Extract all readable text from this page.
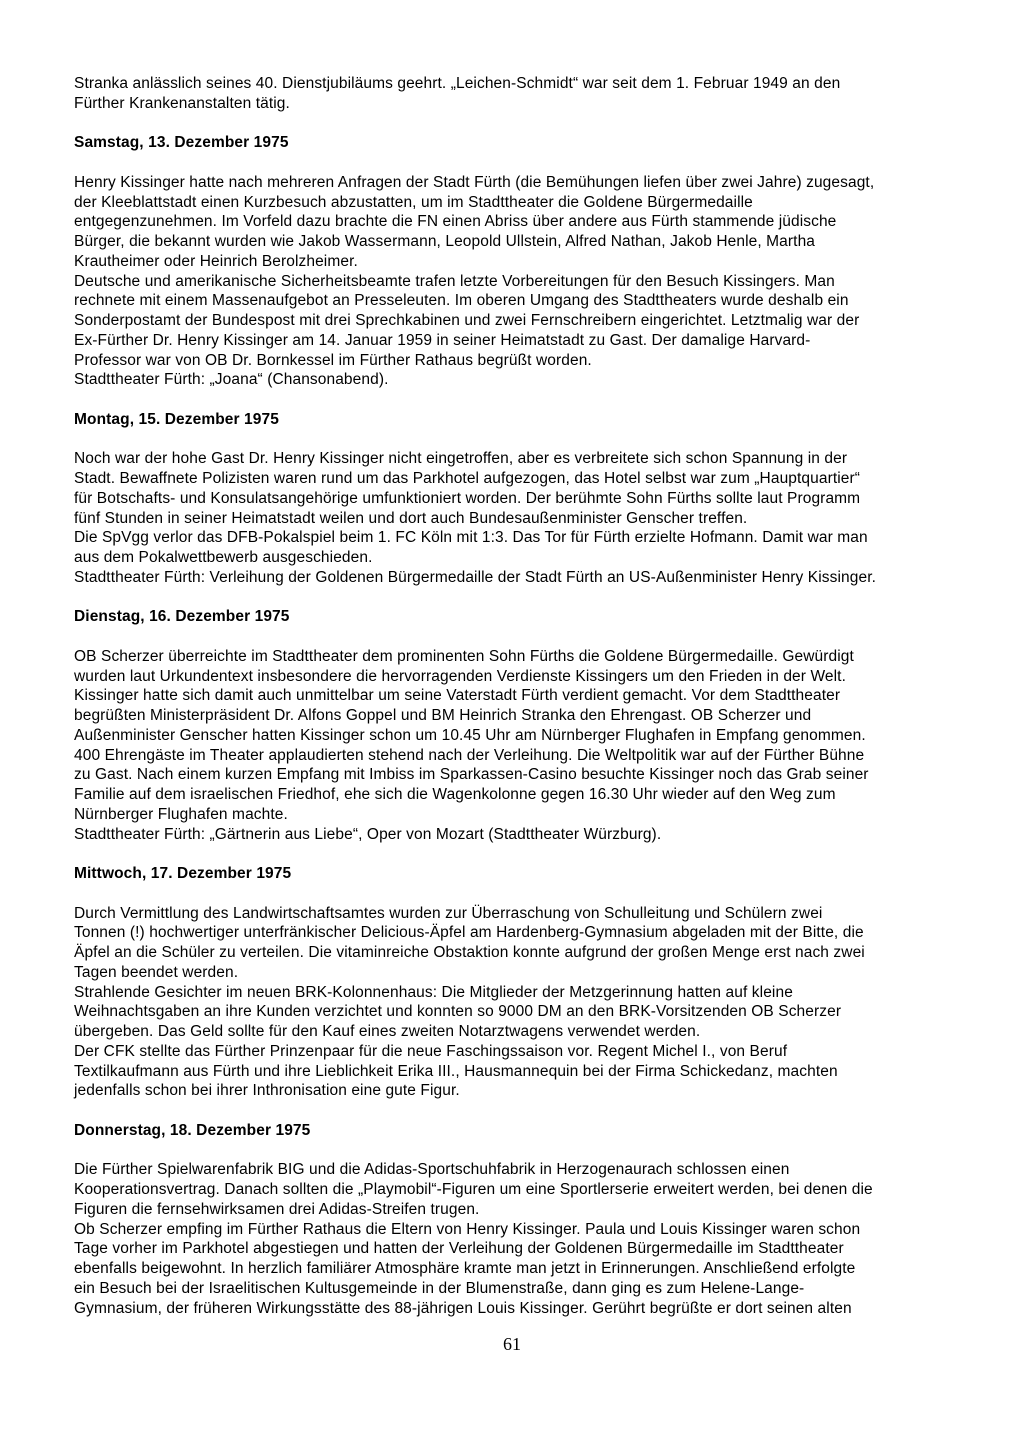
Stranka anlässlich seines 40. Dienstjubiläums geehrt. „Leichen-Schmidt“ war seit dem 1. Februar 1949 an den
Fürther Krankenanstalten tätig.
Samstag, 13. Dezember 1975
Henry Kissinger hatte nach mehreren Anfragen der Stadt Fürth (die Bemühungen liefen über zwei Jahre) zugesagt,
der Kleeblattstadt einen Kurzbesuch abzustatten, um im Stadttheater die Goldene Bürgermedaille
entgegenzunehmen. Im Vorfeld dazu brachte die FN einen Abriss über andere aus Fürth stammende jüdische
Bürger, die bekannt wurden wie Jakob Wassermann, Leopold Ullstein, Alfred Nathan, Jakob Henle, Martha
Krautheimer oder Heinrich Berolzheimer.
Deutsche und amerikanische Sicherheitsbeamte trafen letzte Vorbereitungen für den Besuch Kissingers. Man
rechnete mit einem Massenaufgebot an Presseleuten. Im oberen Umgang des Stadttheaters wurde deshalb ein
Sonderpostamt der Bundespost mit drei Sprechkabinen und zwei Fernschreibern eingerichtet. Letztmalig war der
Ex-Fürther Dr. Henry Kissinger am 14. Januar 1959 in seiner Heimatstadt zu Gast. Der damalige Harvard-
Professor war von OB Dr. Bornkessel im Fürther Rathaus begrüßt worden.
Stadttheater Fürth: „Joana“ (Chansonabend).
Montag, 15. Dezember 1975
Noch war der hohe Gast Dr. Henry Kissinger nicht eingetroffen, aber es verbreitete sich schon Spannung in der
Stadt. Bewaffnete Polizisten waren rund um das Parkhotel aufgezogen, das Hotel selbst war zum „Hauptquartier“
für Botschafts- und Konsulatsangehörige umfunktioniert worden. Der berühmte Sohn Fürths sollte laut Programm
fünf Stunden in seiner Heimatstadt weilen und dort auch Bundesaußenminister Genscher treffen.
Die SpVgg verlor das DFB-Pokalspiel beim 1. FC Köln mit 1:3. Das Tor für Fürth erzielte Hofmann. Damit war man
aus dem Pokalwettbewerb ausgeschieden.
Stadttheater Fürth: Verleihung der Goldenen Bürgermedaille der Stadt Fürth an US-Außenminister Henry Kissinger.
Dienstag, 16. Dezember 1975
OB Scherzer überreichte im Stadttheater dem prominenten Sohn Fürths die Goldene Bürgermedaille. Gewürdigt
wurden laut Urkundentext insbesondere die hervorragenden Verdienste Kissingers um den Frieden in der Welt.
Kissinger hatte sich damit auch unmittelbar um seine Vaterstadt Fürth verdient gemacht. Vor dem Stadttheater
begrüßten Ministerpräsident Dr. Alfons Goppel und BM Heinrich Stranka den Ehrengast. OB Scherzer und
Außenminister Genscher hatten Kissinger schon um 10.45 Uhr am Nürnberger Flughafen in Empfang genommen.
400 Ehrengäste im Theater applaudierten stehend nach der Verleihung. Die Weltpolitik war auf der Fürther Bühne
zu Gast. Nach einem kurzen Empfang mit Imbiss im Sparkassen-Casino besuchte Kissinger noch das Grab seiner
Familie auf dem israelischen Friedhof, ehe sich die Wagenkolonne gegen 16.30 Uhr wieder auf den Weg zum
Nürnberger Flughafen machte.
Stadttheater Fürth: „Gärtnerin aus Liebe“, Oper von Mozart (Stadttheater Würzburg).
Mittwoch, 17. Dezember 1975
Durch Vermittlung des Landwirtschaftsamtes wurden zur Überraschung von Schulleitung und Schülern zwei
Tonnen (!) hochwertiger unterfränkischer Delicious-Äpfel am Hardenberg-Gymnasium abgeladen mit der Bitte, die
Äpfel an die Schüler zu verteilen. Die vitaminreiche Obstaktion konnte aufgrund der großen Menge erst nach zwei
Tagen beendet werden.
Strahlende Gesichter im neuen BRK-Kolonnenhaus: Die Mitglieder der Metzgerinnung hatten auf kleine
Weihnachtsgaben an ihre Kunden verzichtet und konnten so 9000 DM an den BRK-Vorsitzenden OB Scherzer
übergeben. Das Geld sollte für den Kauf eines zweiten Notarztwagens verwendet werden.
Der CFK stellte das Fürther Prinzenpaar für die neue Faschingssaison vor. Regent Michel I., von Beruf
Textilkaufmann aus Fürth und ihre Lieblichkeit Erika III., Hausmannequin bei der Firma Schickedanz, machten
jedenfalls schon bei ihrer Inthronisation eine gute Figur.
Donnerstag, 18. Dezember 1975
Die Fürther Spielwarenfabrik BIG und die Adidas-Sportschuhfabrik in Herzogenaurach schlossen einen
Kooperationsvertrag. Danach sollten die „Playmobil“-Figuren um eine Sportlerserie erweitert werden, bei denen die
Figuren die fernsehwirksamen drei Adidas-Streifen trugen.
Ob Scherzer empfing im Fürther Rathaus die Eltern von Henry Kissinger. Paula und Louis Kissinger waren schon
Tage vorher im Parkhotel abgestiegen und hatten der Verleihung der Goldenen Bürgermedaille im Stadttheater
ebenfalls beigewohnt. In herzlich familiärer Atmosphäre kramte man jetzt in Erinnerungen. Anschließend erfolgte
ein Besuch bei der Israelitischen Kultusgemeinde in der Blumenstraße, dann ging es zum Helene-Lange-
Gymnasium, der früheren Wirkungsstätte des 88-jährigen Louis Kissinger. Gerührt begrüßte er dort seinen alten
61
